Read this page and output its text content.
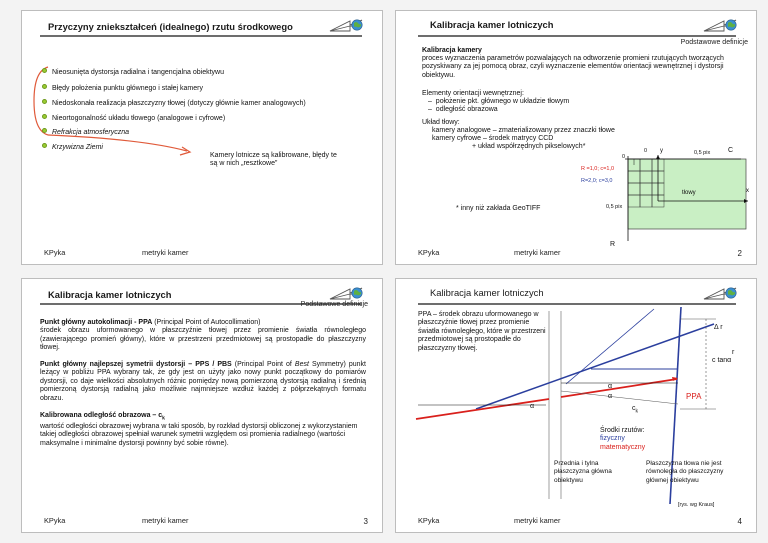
Przyczyny zniekształceń (idealnego) rzutu środkowego
Nieosunięta dystorsja radialna i tangencjalna obiektywu
Błędy położenia punktu głównego i stałej kamery
Niedoskonała realizacja płaszczyzny tłowej (dotyczy głównie kamer analogowych)
Nieortogonalność układu tłowego (analogowe i cyfrowe)
Refrakcja atmosferyczna
Krzywizna Ziemi
Kamery lotnicze są kalibrowane, błędy te są w nich „resztkowe”
KPyka	metryki kamer
Kalibracja kamer lotniczych
Podstawowe definicje
Kalibracja kamery
proces wyznaczenia parametrów pozwalających na odtworzenie promieni rzutujących tworzących pozyskiwany za jej pomocą obraz, czyli wyznaczenie elementów orientacji wewnętrznej i dystorsji obiektywu.
Elementy orientacji wewnętrznej:
–  położenie pkt. głównego w układzie tłowym
–  odległość obrazowa
Układ tłowy:
kamery analogowe – zmaterializowany przez znaczki tłowe
kamery cyfrowe – środek matrycy CCD
+ układ współrzędnych pikselowych*
y
0
0
0,5 pix	C
R =1,0; c=1,0
R=2,0; c=3,0
tłowy	x
0,5 pix
R
* inny niż zakłada GeoTIFF
KPyka	metryki kamer	2
Kalibracja kamer lotniczych
Podstawowe definicje
Punkt główny autokolimacji - PPA (Principal Point of Autocollimation)
środek obrazu uformowanego w płaszczyźnie tłowej przez promienie światła równoległego (zawierającego promień główny), które w przestrzeni przedmiotowej są prostopadłe do płaszczyzny tłowej.
Punkt główny najlepszej symetrii dystorsji – PPS / PBS (Principal Point of Best Symmetry) punkt leżący w pobliżu PPA wybrany tak, że gdy jest on użyty jako nowy punkt początkowy do pomiarów dystorsji, co daje wielkości absolutnych różnic pomiędzy nową pomierzoną dystorsją radialną i średnią pomierzoną dystorsją radialną jako możliwie najmniejsze wzdłuż każdej z półprzekątnych formatu obrazu.
Kalibrowana odległość obrazowa – $c_k$
wartość odległości obrazowej wybrana w taki sposób, by rozkład dystorsji obliczonej z wykorzystaniem takiej odległości obrazowej spełniał warunek symetrii względem osi promienia radialnego (wartości maksymalne i minimalne dystorsji powinny być sobie równe).
KPyka	metryki kamer	3
Kalibracja kamer lotniczych
PPA – środek obrazu uformowanego w płaszczyźnie tłowej przez promienie światła równoległego, które w przestrzeni przedmiotowej są prostopadłe do płaszczyzny tłowej.
Δ r
r
c tanα
α
α
α	$c_k$
PPA
Środki rzutów:
fizyczny
matematyczny
Przednia i tylna płaszczyzna główna obiektywu
Płaszczyzna tłowa nie jest równoległa do płaszczyzny głównej obiektywu
[rys. wg Kraus]
KPyka	metryki kamer	4
